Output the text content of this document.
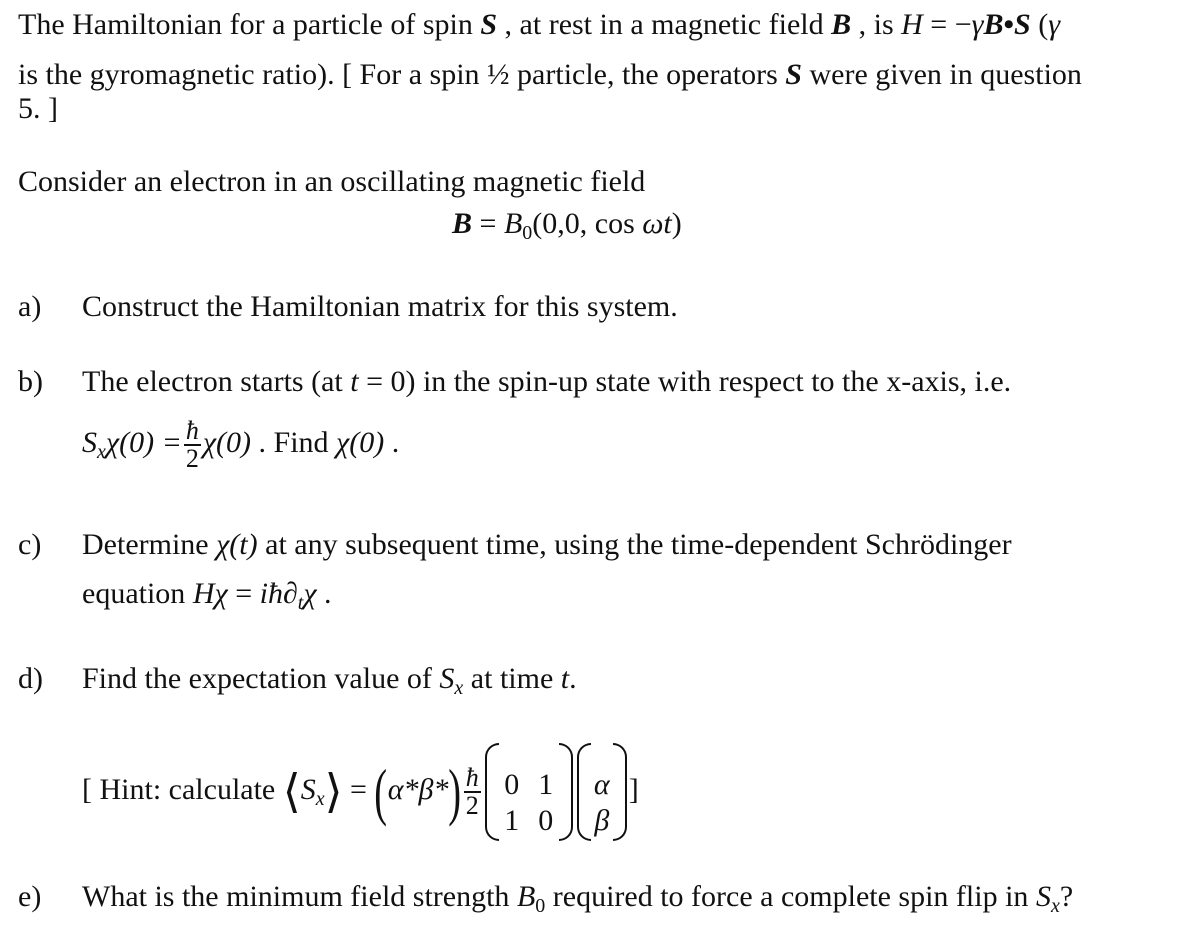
The Hamiltonian for a particle of spin S , at rest in a magnetic field B , is H = −γB•S (γ
is the gyromagnetic ratio). [ For a spin ½ particle, the operators S were given in question
5. ]
Consider an electron in an oscillating magnetic field
$B = B_0(0,0$, cos ωt)
a) Construct the Hamiltonian matrix for this system.
b) The electron starts (at t = 0) in the spin-up state with respect to the x-axis, i.e.
$S_x\chi(0) = \frac{ħ}{2} \chi(0)$ . Find χ(0) .
c) Determine χ(t) at any subsequent time, using the time-dependent Schrödinger
equation $H\chi = iħ\partial_t\chi$ .
d) Find the expectation value of $S_x$ at time t.
[ Hint: calculate $⟨S_x⟩ = (\alpha*\beta*) \frac{ħ}{2} 0$ 1
1 0
α
β
]
e) What is the minimum field strength $B_0$ required to force a complete spin flip in $S_x$?
